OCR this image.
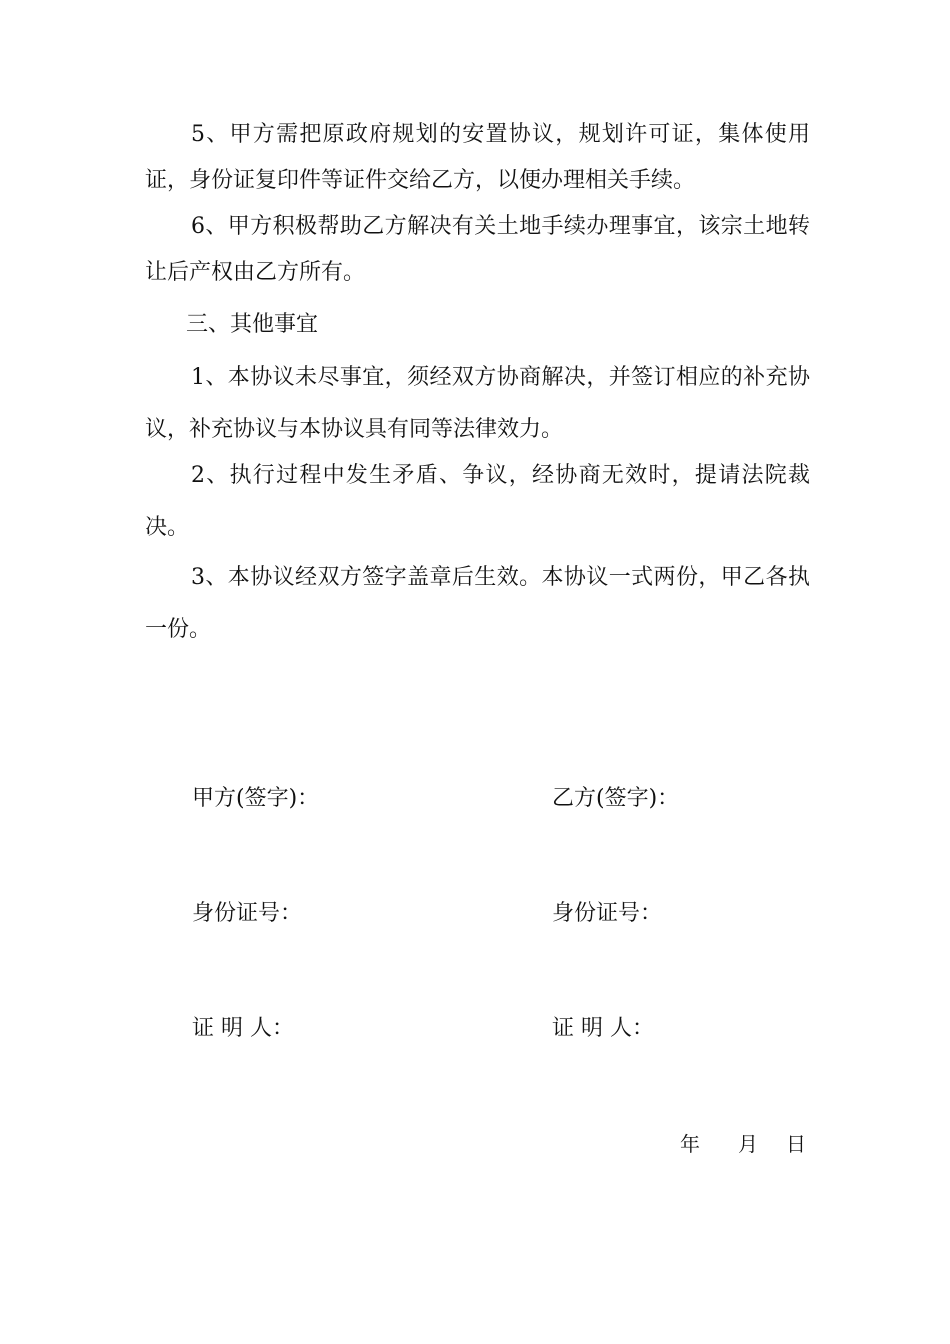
5、甲方需把原政府规划的安置协议，规划许可证，集体使用证，身份证复印件等证件交给乙方，以便办理相关手续。

6、甲方积极帮助乙方解决有关土地手续办理事宜，该宗土地转让后产权由乙方所有。

三、其他事宜

1、本协议未尽事宜，须经双方协商解决，并签订相应的补充协议，补充协议与本协议具有同等法律效力。

2、执行过程中发生矛盾、争议，经协商无效时，提请法院裁决。

3、本协议经双方签字盖章后生效。本协议一式两份，甲乙各执一份。

甲方(签字)：	乙方(签字)：
身份证号：	身份证号：
证 明 人：	证 明 人：
年 月 日
